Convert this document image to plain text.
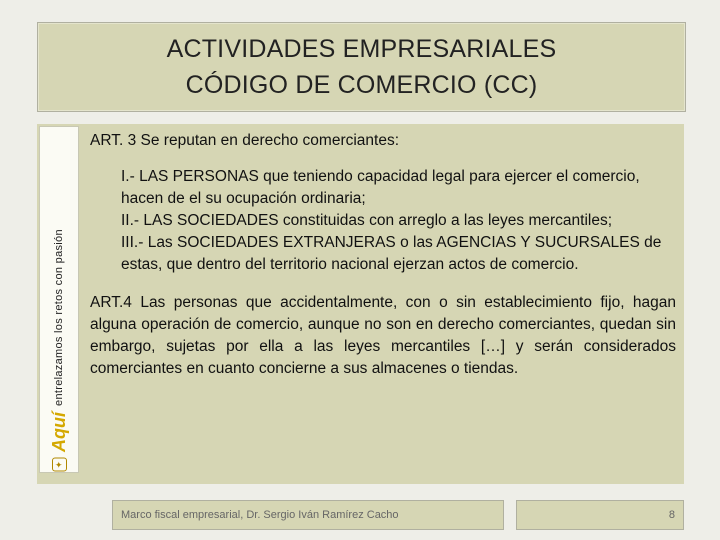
ACTIVIDADES EMPRESARIALES
CÓDIGO DE COMERCIO (CC)
✦
Aquí
entrelazamos los retos con pasión

ART. 3 Se reputan en derecho comerciantes:

I.- LAS PERSONAS que teniendo capacidad legal para ejercer el comercio, hacen de el su ocupación ordinaria;

II.- LAS SOCIEDADES constituidas con arreglo a las leyes mercantiles;

III.- Las SOCIEDADES EXTRANJERAS o las AGENCIAS Y SUCURSALES de estas, que dentro del territorio nacional ejerzan actos de comercio.

ART.4 Las personas que accidentalmente, con o sin establecimiento fijo, hagan alguna operación de comercio, aunque no son en derecho comerciantes, quedan sin embargo, sujetas por ella a las leyes mercantiles […] y serán considerados comerciantes en cuanto concierne a sus almacenes o tiendas.

Marco fiscal empresarial, Dr. Sergio Iván Ramírez Cacho	8
